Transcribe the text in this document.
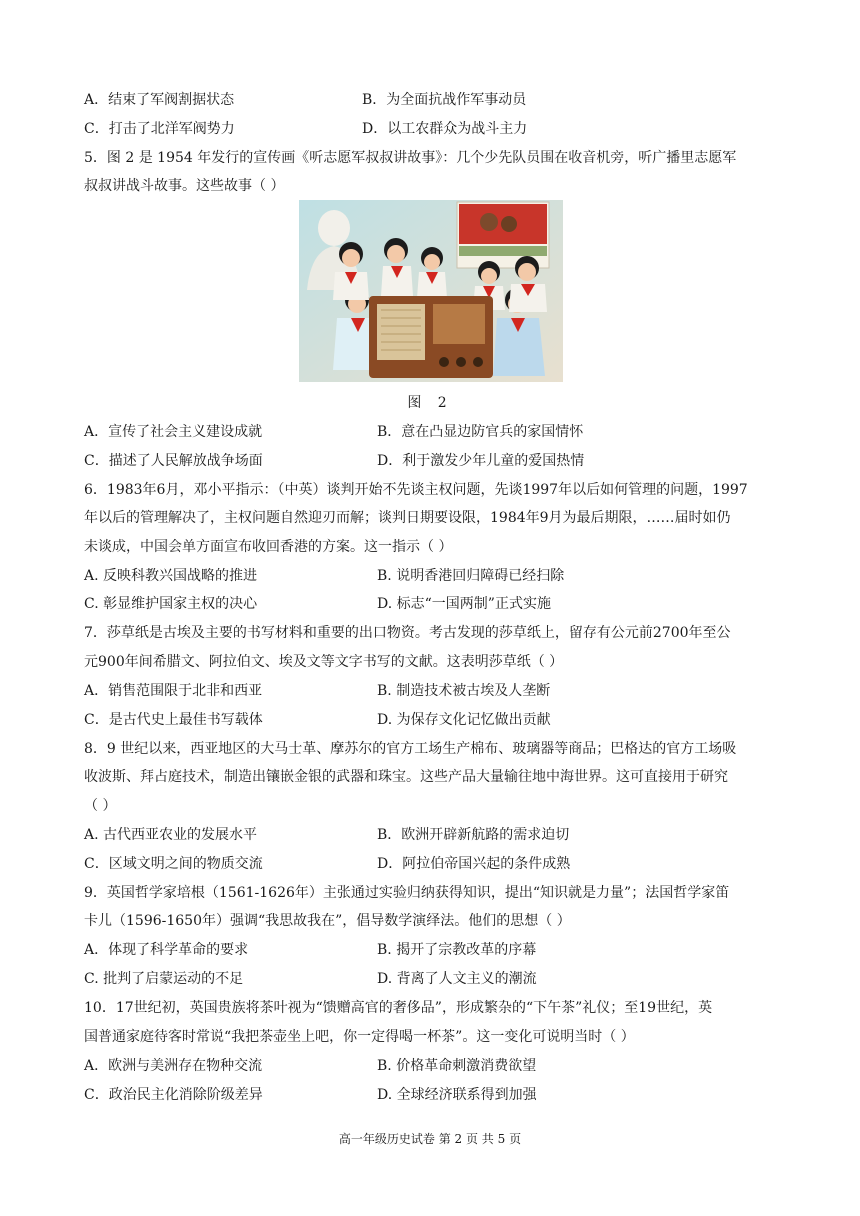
A．结束了军阀割据状态	B．为全面抗战作军事动员
C．打击了北洋军阀势力	D．以工农群众为战斗主力
5．图 2 是 1954 年发行的宣传画《听志愿军叔叔讲故事》：几个少先队员围在收音机旁，听广播里志愿军
叔叔讲战斗故事。这些故事（ ）
图 2
A．宣传了社会主义建设成就	B．意在凸显边防官兵的家国情怀
C．描述了人民解放战争场面	D．利于激发少年儿童的爱国热情
6．1983年6月，邓小平指示：（中英）谈判开始不先谈主权问题，先谈1997年以后如何管理的问题，1997
年以后的管理解决了，主权问题自然迎刃而解；谈判日期要设限，1984年9月为最后期限，……届时如仍
未谈成，中国会单方面宣布收回香港的方案。这一指示（ ）
A. 反映科教兴国战略的推进	B. 说明香港回归障碍已经扫除
C. 彰显维护国家主权的决心	D. 标志“一国两制”正式实施
7．莎草纸是古埃及主要的书写材料和重要的出口物资。考古发现的莎草纸上，留存有公元前2700年至公
元900年间希腊文、阿拉伯文、埃及文等文字书写的文献。这表明莎草纸（ ）
A．销售范围限于北非和西亚	B. 制造技术被古埃及人垄断
C．是古代史上最佳书写载体	D. 为保存文化记忆做出贡献
8．9 世纪以来，西亚地区的大马士革、摩苏尔的官方工场生产棉布、玻璃器等商品；巴格达的官方工场吸
收波斯、拜占庭技术，制造出镶嵌金银的武器和珠宝。这些产品大量输往地中海世界。这可直接用于研究
（ ）
A. 古代西亚农业的发展水平	B．欧洲开辟新航路的需求迫切
C．区域文明之间的物质交流	D．阿拉伯帝国兴起的条件成熟
9．英国哲学家培根（1561-1626年）主张通过实验归纳获得知识，提出“知识就是力量”；法国哲学家笛
卡儿（1596-1650年）强调“我思故我在”，倡导数学演绎法。他们的思想（ ）
A．体现了科学革命的要求	B. 揭开了宗教改革的序幕
C. 批判了启蒙运动的不足	D. 背离了人文主义的潮流
10．17世纪初，英国贵族将茶叶视为“馈赠高官的奢侈品”，形成繁杂的“下午茶”礼仪；至19世纪，英
国普通家庭待客时常说“我把茶壶坐上吧，你一定得喝一杯茶”。这一变化可说明当时（ ）
A．欧洲与美洲存在物种交流	B. 价格革命刺激消费欲望
C．政治民主化消除阶级差异	D. 全球经济联系得到加强
高一年级历史试卷 第 2 页 共 5 页
